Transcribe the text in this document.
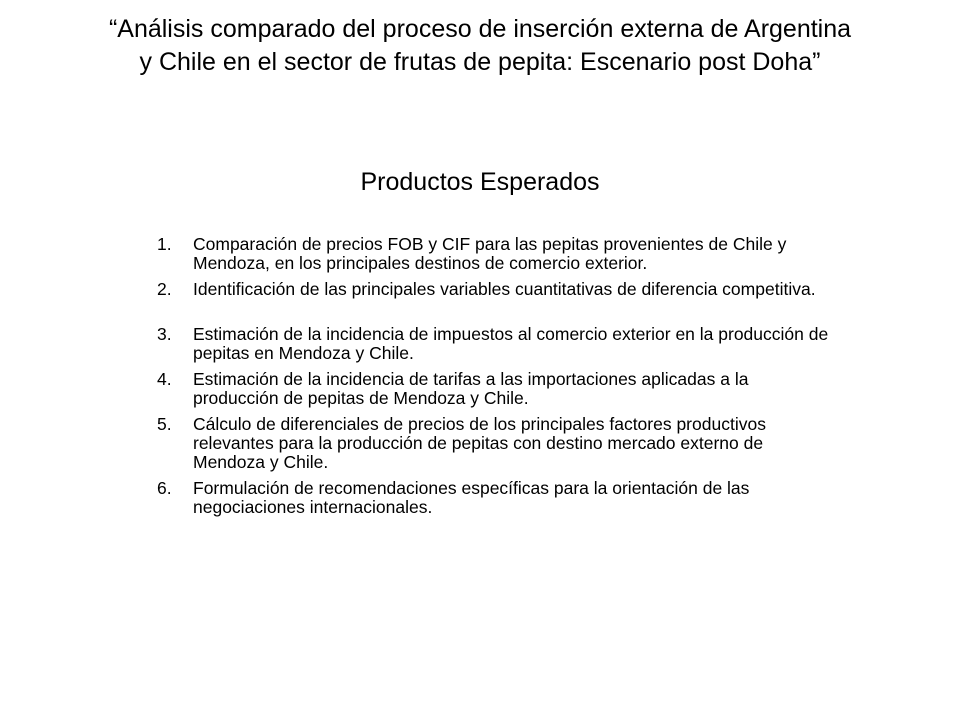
“Análisis comparado del proceso de inserción externa de Argentina y Chile en el sector de frutas de pepita: Escenario post Doha”
Productos Esperados
1. Comparación de precios FOB y CIF para las pepitas provenientes de Chile y Mendoza, en los principales destinos de comercio exterior.
2. Identificación de las principales variables cuantitativas de diferencia competitiva.
3. Estimación de la incidencia de impuestos al comercio exterior en la producción de pepitas en Mendoza y Chile.
4. Estimación de la incidencia de tarifas a las importaciones aplicadas a la producción de pepitas de Mendoza y Chile.
5. Cálculo de diferenciales de precios de los principales factores productivos relevantes para la producción de pepitas con destino mercado externo de Mendoza y Chile.
6. Formulación de recomendaciones específicas para la orientación de las negociaciones internacionales.
